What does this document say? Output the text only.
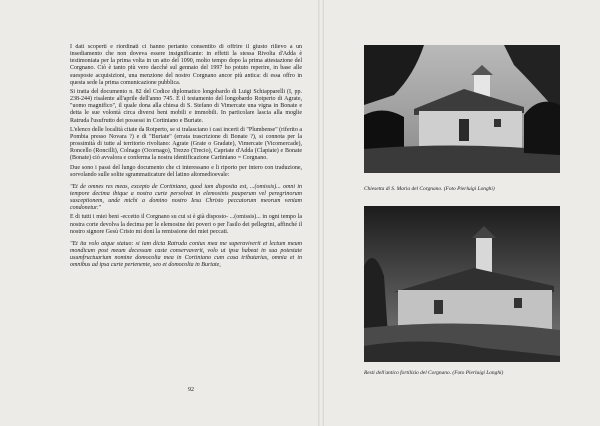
I dati scoperti e riordinati ci hanno pertanto consentito di offrire il giusto rilievo a un insediamento che non doveva essere insignificante: in effetti la stessa Rivolta d'Adda è testimoniata per la prima volta in un atto del 1090, molto tempo dopo la prima attestazione del Corgnano. Ciò è tanto più vero dacché sul gennaio del 1997 ho potuto reperire, in base alle suesposte acquisizioni, una menzione del nostro Corgnano ancor più antica: di essa offro in questa sede la prima comunicazione pubblica.

Si tratta del documento n. 82 del Codice diplomatico longobardo di Luigi Schiapparelli (I, pp. 238-244) risalente all'aprile dell'anno 745. È il testamento del longobardo Rotperto di Agrate, "uomo magnifico", il quale dona alla chiesa di S. Stefano di Vimercate una vigna in Bonate e detta le sue volontà circa diversi beni mobili e immobili. In particolare lascia alla moglie Ratruda l'usufrutto dei possessi in Cortiniano e Buriate.

L'elenco delle località citate da Rotperto, se si tralasciano i casi incerti di "Plumbense" (riferito a Pombia presso Novara ?) e di "Buriate" (errata trascrizione di Bonate ?), si connota per la prossimità di tutte al territorio rivoltano: Agrate (Grate o Gradate), Vimercate (Vicomercade), Roncello (Roncilli), Colnago (Ocornago), Trezzo (Trecio), Capriate d'Adda (Clapiate) e Bonate (Bonate) ciò avvalora e conferma la nostra identificazione Cartiniano = Corgnano.

Due sono i passi del lungo documento che ci interessano e li riporto per intero con traduzione, sorvolando sulle solite sgrammaticature del latino altomedioevale:

"Et de omnes res meas, excepto de Cortiniano, quod iam disposita est, ...(omissis)... omni in tempore decima ibique a nostra curte persolvat in elemosinis pauperum vel peregrinorum susceptionem, unde michi a domino nostro Iesu Christo peccatorum meorum veniam condonetur."

E di tutti i miei beni -eccetto il Corgnano su cui si è già disposto- ...(omissis)... in ogni tempo la nostra corte devolva la decima per le elemosine dei poveri o per l'asilo dei pellegrini, affinché il nostro signore Gesù Cristo mi doni la remissione dei miei peccati.

"Et ita volo atque statuo: si iam dicta Ratruda coniux mea me superaviverit et lectum meum mondicum post meum decessum caste conservaverit, volo ut ipsa habeat in sua potestate usumfructuarium nomine domocolta mea in Cortiniano cum casa tributarias, omnia et in omnibus ad ipsa curte pertenente, seo et domocolta in Buriate,

92
Chiesetta di S. Maria del Corgnano. (Foto Pierluigi Longhi)
Resti dell'antico fortilizio del Corgnano. (Foto Pierluigi Longhi)
